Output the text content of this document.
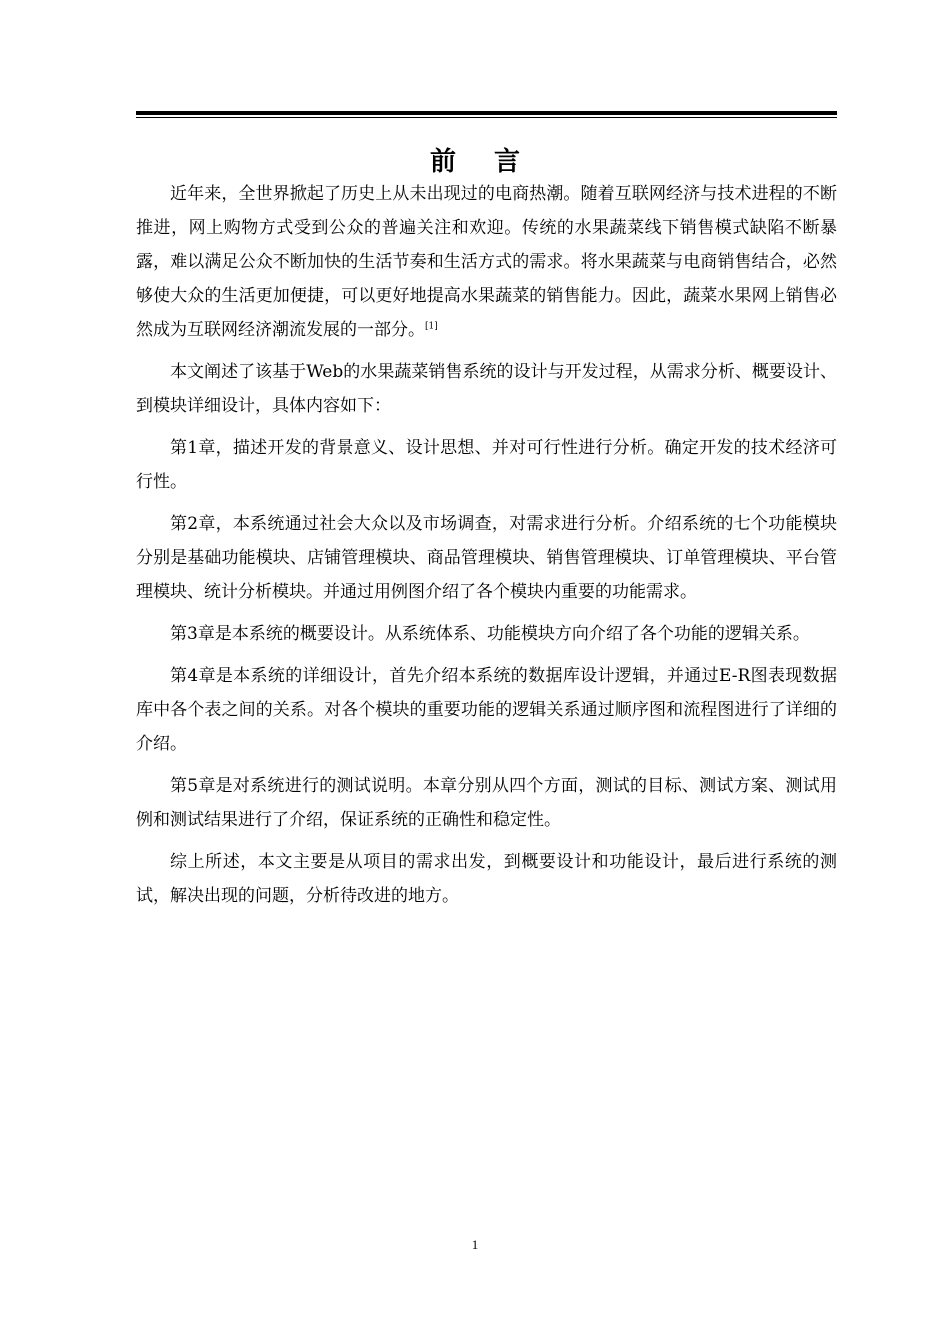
前 言

近年来，全世界掀起了历史上从未出现过的电商热潮。随着互联网经济与技术进程的不断推进，网上购物方式受到公众的普遍关注和欢迎。传统的水果蔬菜线下销售模式缺陷不断暴露，难以满足公众不断加快的生活节奏和生活方式的需求。将水果蔬菜与电商销售结合，必然够使大众的生活更加便捷，可以更好地提高水果蔬菜的销售能力。因此，蔬菜水果网上销售必然成为互联网经济潮流发展的一部分。[1]

本文阐述了该基于Web的水果蔬菜销售系统的设计与开发过程，从需求分析、概要设计、到模块详细设计，具体内容如下：

第1章，描述开发的背景意义、设计思想、并对可行性进行分析。确定开发的技术经济可行性。

第2章，本系统通过社会大众以及市场调查，对需求进行分析。介绍系统的七个功能模块分别是基础功能模块、店铺管理模块、商品管理模块、销售管理模块、订单管理模块、平台管理模块、统计分析模块。并通过用例图介绍了各个模块内重要的功能需求。

第3章是本系统的概要设计。从系统体系、功能模块方向介绍了各个功能的逻辑关系。

第4章是本系统的详细设计，首先介绍本系统的数据库设计逻辑，并通过E-R图表现数据库中各个表之间的关系。对各个模块的重要功能的逻辑关系通过顺序图和流程图进行了详细的介绍。

第5章是对系统进行的测试说明。本章分别从四个方面，测试的目标、测试方案、测试用例和测试结果进行了介绍，保证系统的正确性和稳定性。

综上所述，本文主要是从项目的需求出发，到概要设计和功能设计，最后进行系统的测试，解决出现的问题，分析待改进的地方。

1
